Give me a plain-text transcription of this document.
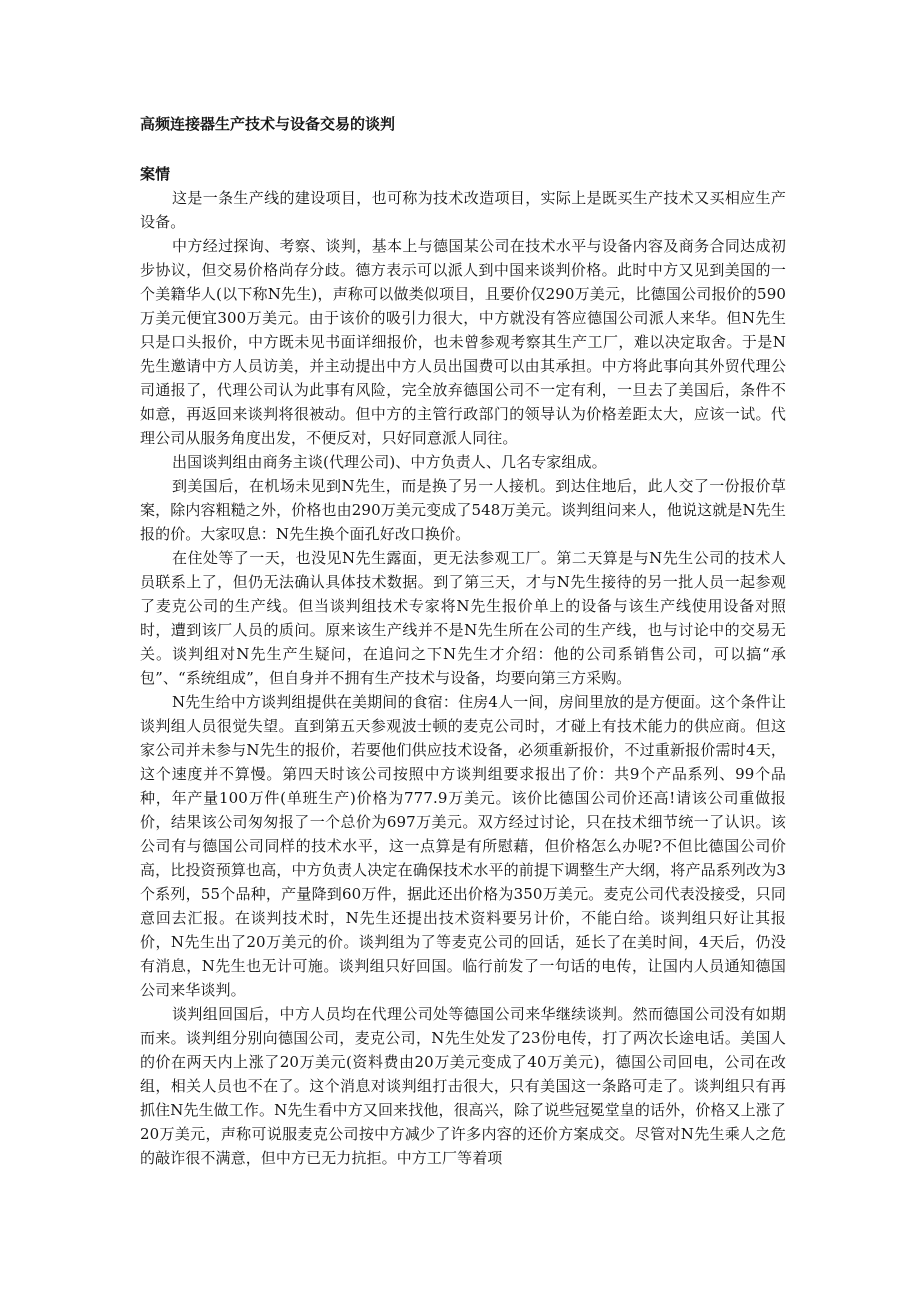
高频连接器生产技术与设备交易的谈判
案情

这是一条生产线的建设项目，也可称为技术改造项目，实际上是既买生产技术又买相应生产设备。

中方经过探询、考察、谈判，基本上与德国某公司在技术水平与设备内容及商务合同达成初步协议，但交易价格尚存分歧。德方表示可以派人到中国来谈判价格。此时中方又见到美国的一个美籍华人(以下称N先生)，声称可以做类似项目，且要价仅290万美元，比德国公司报价的590万美元便宜300万美元。由于该价的吸引力很大，中方就没有答应德国公司派人来华。但N先生只是口头报价，中方既未见书面详细报价，也未曾参观考察其生产工厂，难以决定取舍。于是N先生邀请中方人员访美，并主动提出中方人员出国费可以由其承担。中方将此事向其外贸代理公司通报了，代理公司认为此事有风险，完全放弃德国公司不一定有利，一旦去了美国后，条件不如意，再返回来谈判将很被动。但中方的主管行政部门的领导认为价格差距太大，应该一试。代理公司从服务角度出发，不便反对，只好同意派人同往。

出国谈判组由商务主谈(代理公司)、中方负责人、几名专家组成。

到美国后，在机场未见到N先生，而是换了另一人接机。到达住地后，此人交了一份报价草案，除内容粗糙之外，价格也由290万美元变成了548万美元。谈判组问来人，他说这就是N先生报的价。大家叹息：N先生换个面孔好改口换价。

在住处等了一天，也没见N先生露面，更无法参观工厂。第二天算是与N先生公司的技术人员联系上了，但仍无法确认具体技术数据。到了第三天，才与N先生接待的另一批人员一起参观了麦克公司的生产线。但当谈判组技术专家将N先生报价单上的设备与该生产线使用设备对照时，遭到该厂人员的质问。原来该生产线并不是N先生所在公司的生产线，也与讨论中的交易无关。谈判组对N先生产生疑问，在追问之下N先生才介绍：他的公司系销售公司，可以搞“承包”、“系统组成”，但自身并不拥有生产技术与设备，均要向第三方采购。

N先生给中方谈判组提供在美期间的食宿：住房4人一间，房间里放的是方便面。这个条件让谈判组人员很觉失望。直到第五天参观波士顿的麦克公司时，才碰上有技术能力的供应商。但这家公司并未参与N先生的报价，若要他们供应技术设备，必须重新报价，不过重新报价需时4天，这个速度并不算慢。第四天时该公司按照中方谈判组要求报出了价：共9个产品系列、99个品种，年产量100万件(单班生产)价格为777.9万美元。该价比德国公司价还高!请该公司重做报价，结果该公司匆匆报了一个总价为697万美元。双方经过讨论，只在技术细节统一了认识。该公司有与德国公司同样的技术水平，这一点算是有所慰藉，但价格怎么办呢?不但比德国公司价高，比投资预算也高，中方负责人决定在确保技术水平的前提下调整生产大纲，将产品系列改为3个系列，55个品种，产量降到60万件，据此还出价格为350万美元。麦克公司代表没接受，只同意回去汇报。在谈判技术时，N先生还提出技术资料要另计价，不能白给。谈判组只好让其报价，N先生出了20万美元的价。谈判组为了等麦克公司的回话，延长了在美时间，4天后，仍没有消息，N先生也无计可施。谈判组只好回国。临行前发了一句话的电传，让国内人员通知德国公司来华谈判。

谈判组回国后，中方人员均在代理公司处等德国公司来华继续谈判。然而德国公司没有如期而来。谈判组分别向德国公司，麦克公司，N先生处发了23份电传，打了两次长途电话。美国人的价在两天内上涨了20万美元(资料费由20万美元变成了40万美元)，德国公司回电，公司在改组，相关人员也不在了。这个消息对谈判组打击很大，只有美国这一条路可走了。谈判组只有再抓住N先生做工作。N先生看中方又回来找他，很高兴，除了说些冠冕堂皇的话外，价格又上涨了20万美元，声称可说服麦克公司按中方减少了许多内容的还价方案成交。尽管对N先生乘人之危的敲诈很不满意，但中方已无力抗拒。中方工厂等着项
